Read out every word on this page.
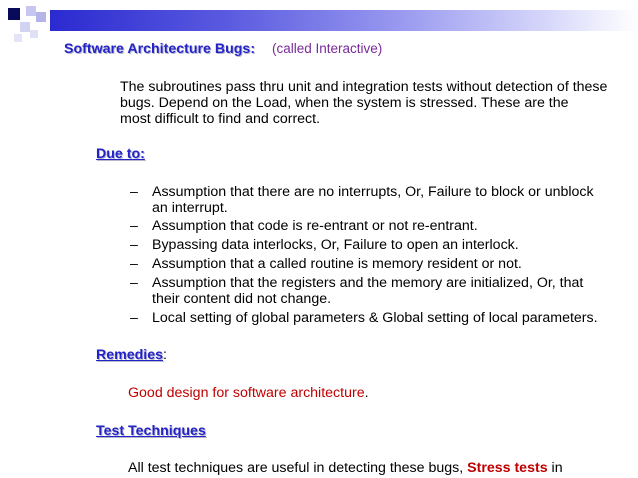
Software Architecture Bugs: (called Interactive)
The subroutines pass thru unit and integration tests without detection of these
bugs. Depend on the Load, when the system is stressed. These are the
most difficult to find and correct.
Due to:
– Assumption that there are no interrupts, Or, Failure to block or unblock
an interrupt.
– Assumption that code is re-entrant or not re-entrant.
– Bypassing data interlocks, Or, Failure to open an interlock.
– Assumption that a called routine is memory resident or not.
– Assumption that the registers and the memory are initialized, Or, that
their content did not change.
– Local setting of global parameters & Global setting of local parameters.
Remedies:
Good design for software architecture.
Test Techniques
All test techniques are useful in detecting these bugs, Stress tests in
